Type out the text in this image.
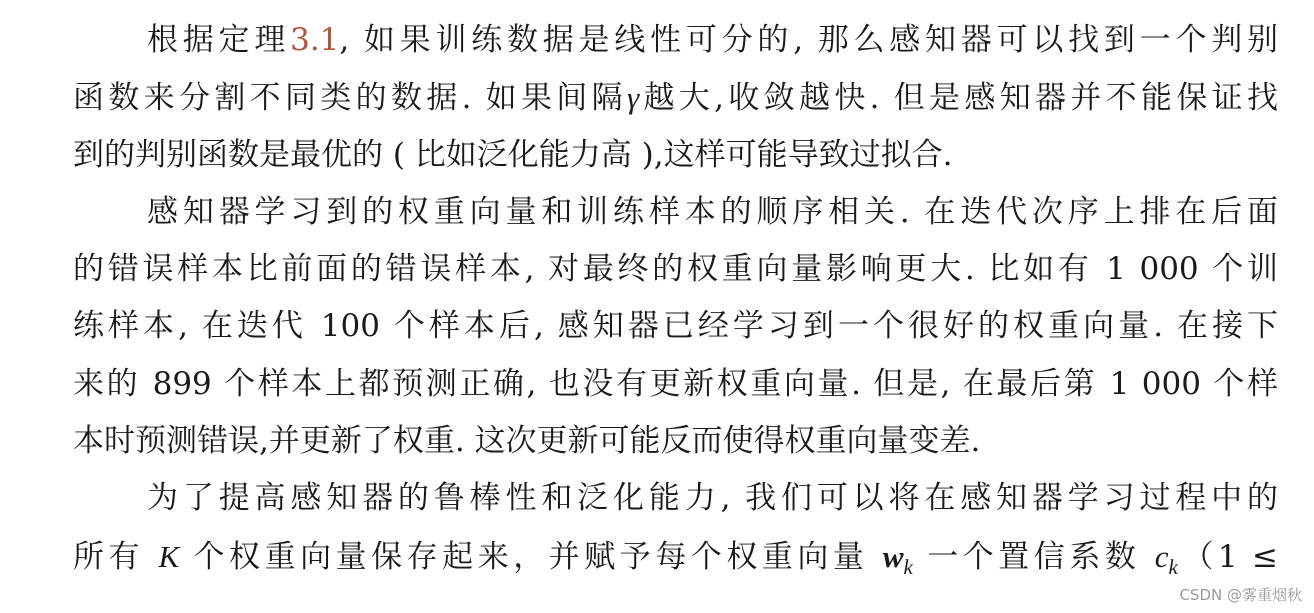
根据定理3.1, 如果训练数据是线性可分的, 那么感知器可以找到一个判别
函数来分割不同类的数据. 如果间隔γ越大,收敛越快. 但是感知器并不能保证找
到的判别函数是最优的 ( 比如泛化能力高 ),这样可能导致过拟合.
感知器学习到的权重向量和训练样本的顺序相关. 在迭代次序上排在后面
的错误样本比前面的错误样本, 对最终的权重向量影响更大. 比如有 1 000 个训
练样本, 在迭代 100 个样本后, 感知器已经学习到一个很好的权重向量. 在接下
来的 899 个样本上都预测正确, 也没有更新权重向量. 但是, 在最后第 1 000 个样
本时预测错误,并更新了权重. 这次更新可能反而使得权重向量变差.
为了提高感知器的鲁棒性和泛化能力, 我们可以将在感知器学习过程中的
所有 K 个权重向量保存起来，并赋予每个权重向量 $w_k$ 一个置信系数 $c_k(1$ ≤
CSDN @雾重烟秋
